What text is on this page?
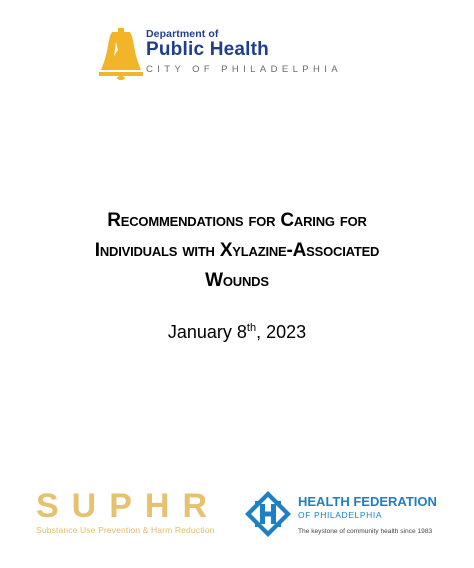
Department of
Public Health
CITY OF PHILADELPHIA
Recommendations for Caring for
Individuals with Xylazine-Associated
Wounds
January 8th, 2023
SUPHR
Substance Use Prevention & Harm Reduction
HEALTH FEDERATION
OF PHILADELPHIA
The keystone of community health since 1983
